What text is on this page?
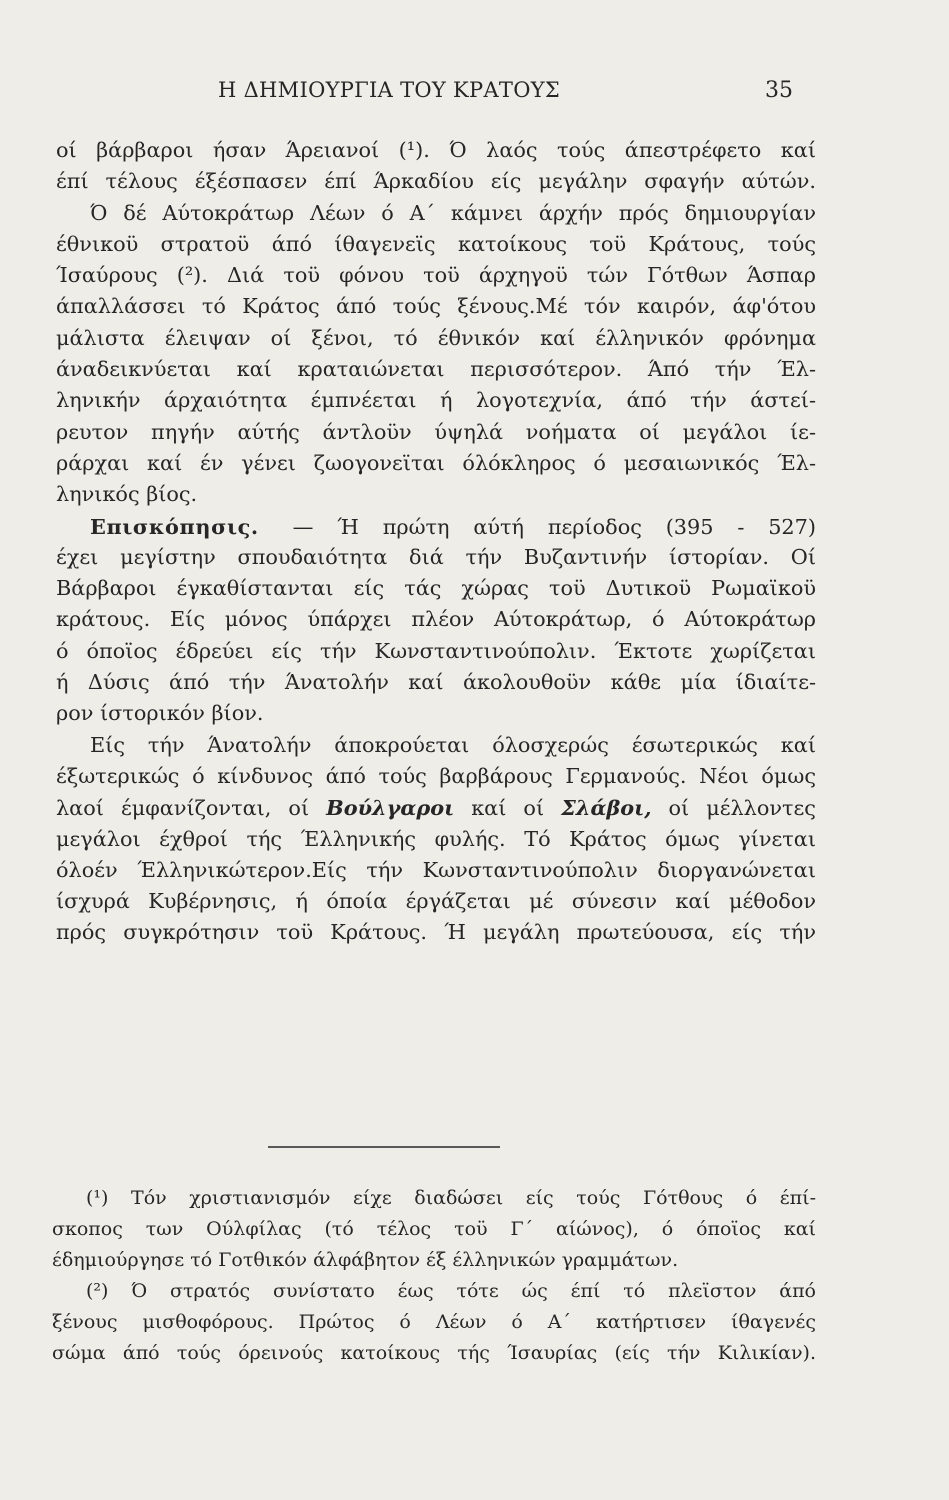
Η ΔΗΜΙΟΥΡΓΙΑ ΤΟΥ ΚΡΑΤΟΥΣ	35
οί βάρβαροι ήσαν Άρειανοί (¹). Ό λαός τούς άπεστρέφετο καί
έπί τέλους έξέσπασεν έπί Άρκαδίου είς μεγάλην σφαγήν αύτών.
Ό δέ Αύτοκράτωρ Λέων ό Α΄ κάμνει άρχήν πρός δημιουργίαν
έθνικοϋ στρατοϋ άπό ίθαγενεϊς κατοίκους τοϋ Κράτους, τούς
Ίσαύρους (²). Διά τοϋ φόνου τοϋ άρχηγοϋ τών Γότθων Άσπαρ
άπαλλάσσει τό Κράτος άπό τούς ξένους.Μέ τόν καιρόν, άφ'ότου
μάλιστα έλειψαν οί ξένοι, τό έθνικόν καί έλληνικόν φρόνημα
άναδεικνύεται καί κραταιώνεται περισσότερον. Άπό τήν Έλ-
ληνικήν άρχαιότητα έμπνέεται ή λογοτεχνία, άπό τήν άστεί-
ρευτον πηγήν αύτής άντλοϋν ύψηλά νοήματα οί μεγάλοι ίε-
ράρχαι καί έν γένει ζωογονεϊται όλόκληρος ό μεσαιωνικός Έλ-
ληνικός βίος.
Επισκόπησις. — Ή πρώτη αύτή περίοδος (395 - 527)
έχει μεγίστην σπουδαιότητα διά τήν Βυζαντινήν ίστορίαν. Οί
Βάρβαροι έγκαθίστανται είς τάς χώρας τοϋ Δυτικοϋ Ρωμαϊκοϋ
κράτους. Είς μόνος ύπάρχει πλέον Αύτοκράτωρ, ό Αύτοκράτωρ
ό όποϊος έδρεύει είς τήν Κωνσταντινούπολιν. Έκτοτε χωρίζεται
ή Δύσις άπό τήν Άνατολήν καί άκολουθοϋν κάθε μία ίδιαίτε-
ρον ίστορικόν βίον.
Είς τήν Άνατολήν άποκρούεται όλοσχερώς έσωτερικώς καί
έξωτερικώς ό κίνδυνος άπό τούς βαρβάρους Γερμανούς. Νέοι όμως
λαοί έμφανίζονται, οί Βούλγαροι καί οί Σλάβοι, οί μέλλοντες
μεγάλοι έχθροί τής Έλληνικής φυλής. Τό Κράτος όμως γίνεται
όλοέν Έλληνικώτερον.Είς τήν Κωνσταντινούπολιν διοργανώνεται
ίσχυρά Κυβέρνησις, ή όποία έργάζεται μέ σύνεσιν καί μέθοδον
πρός συγκρότησιν τοϋ Κράτους. Ή μεγάλη πρωτεύουσα, είς τήν
(¹) Τόν χριστιανισμόν είχε διαδώσει είς τούς Γότθους ό έπί-
σκοπος των Ούλφίλας (τό τέλος τοϋ Γ΄ αίώνος), ό όποϊος καί
έδημιούργησε τό Γοτθικόν άλφάβητον έξ έλληνικών γραμμάτων.
(²) Ό στρατός συνίστατο έως τότε ώς έπί τό πλεϊστον άπό
ξένους μισθοφόρους. Πρώτος ό Λέων ό Α΄ κατήρτισεν ίθαγενές
σώμα άπό τούς όρεινούς κατοίκους τής Ίσαυρίας (είς τήν Κιλικίαν).
